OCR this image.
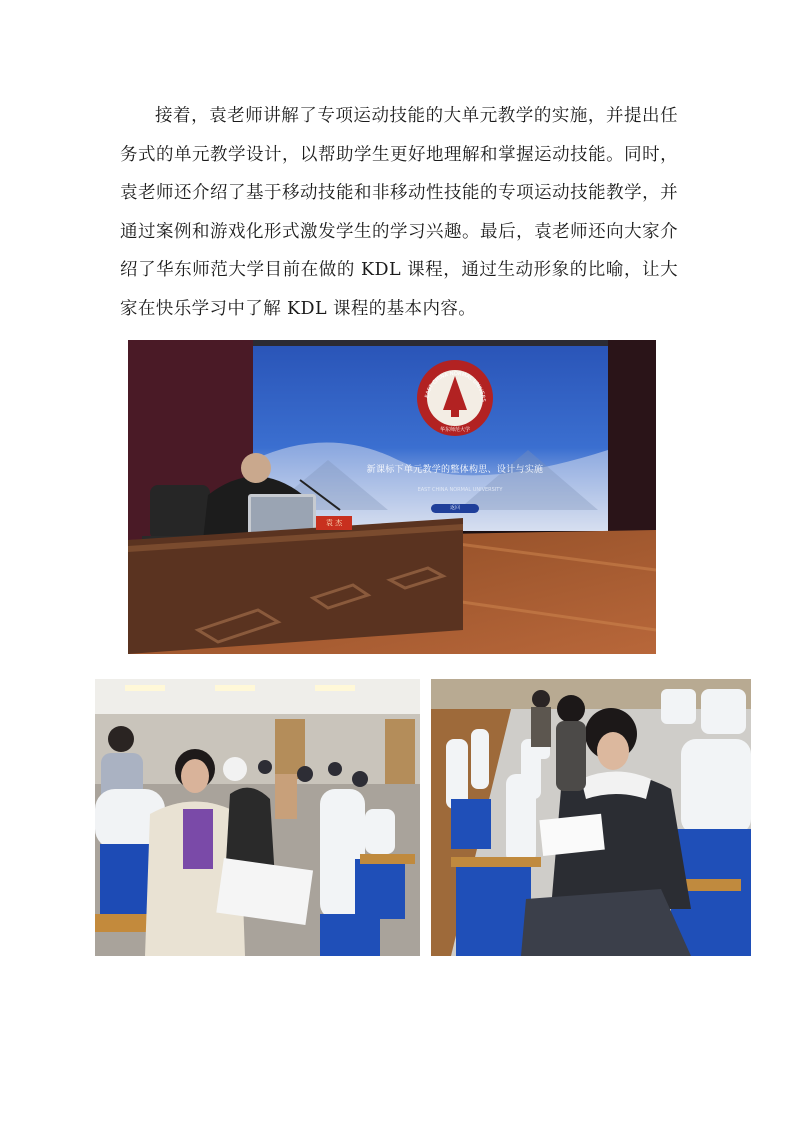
接着，袁老师讲解了专项运动技能的大单元教学的实施，并提出任务式的单元教学设计，以帮助学生更好地理解和掌握运动技能。同时，袁老师还介绍了基于移动技能和非移动性技能的专项运动技能教学，并通过案例和游戏化形式激发学生的学习兴趣。最后，袁老师还向大家介绍了华东师范大学目前在做的 KDL 课程，通过生动形象的比喻，让大家在快乐学习中了解 KDL 课程的基本内容。

EAST CHINA NORMAL UNIVERS
华东师范大学
新课标下单元教学的整体构思、设计与实施
EAST CHINA NORMAL UNIVERSITY
返回
袁 杰
